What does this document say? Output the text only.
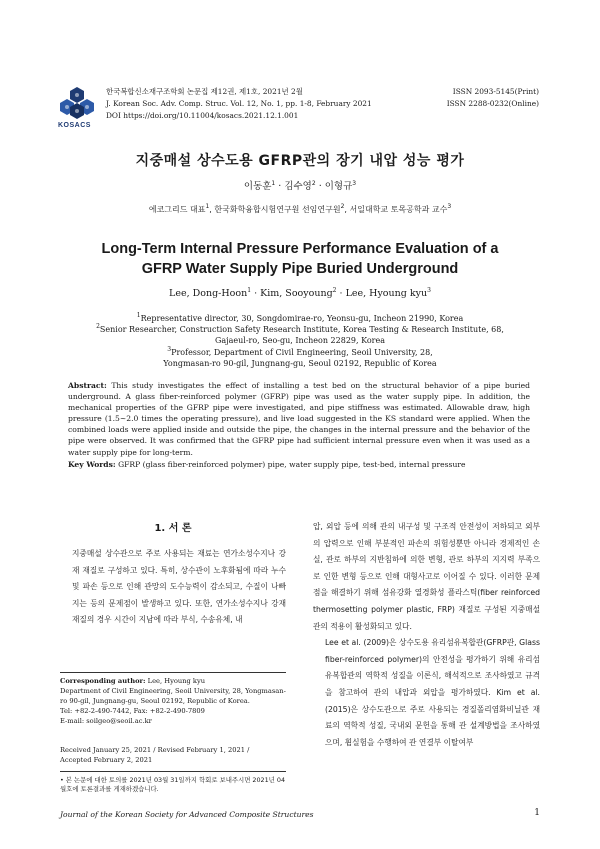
KOSACS
한국복합신소재구조학회 논문집 제12권, 제1호, 2021년 2월
J. Korean Soc. Adv. Comp. Struc. Vol. 12, No. 1, pp. 1-8, February 2021
DOI https://doi.org/10.11004/kosacs.2021.12.1.001
ISSN 2093-5145(Print)
ISSN 2288-0232(Online)
지중매설 상수도용 GFRP관의 장기 내압 성능 평가
이동훈$^1$ · 김수영$^2$ · 이형규$^3$
에코그리드 대표$^1$, 한국화학융합시험연구원 선임연구원$^2$, 서일대학교 토목공학과 교수$^3$
Long-Term Internal Pressure Performance Evaluation of a
GFRP Water Supply Pipe Buried Underground
Lee, Dong-Hoon$^1$ · Kim, Sooyoung$^2$ · Lee, Hyoung kyu$^3$
$^1$Representative director, 30, Songdomirae-ro, Yeonsu-gu, Incheon 21990, Korea
$^2$Senior Researcher, Construction Safety Research Institute, Korea Testing & Research Institute, 68,
Gajaeul-ro, Seo-gu, Incheon 22829, Korea
$^3$Professor, Department of Civil Engineering, Seoil University, 28,
Yongmasan-ro 90-gil, Jungnang-gu, Seoul 02192, Republic of Korea
Abstract: This study investigates the effect of installing a test bed on the structural behavior of a pipe buried underground. A glass fiber-reinforced polymer (GFRP) pipe was used as the water supply pipe. In addition, the mechanical properties of the GFRP pipe were investigated, and pipe stiffness was estimated. Allowable draw, high pressure (1.5~2.0 times the operating pressure), and live load suggested in the KS standard were applied. When the combined loads were applied inside and outside the pipe, the changes in the internal pressure and the behavior of the pipe were observed. It was confirmed that the GFRP pipe had sufficient internal pressure even when it was used as a water supply pipe for long-term.
Key Words: GFRP (glass fiber-reinforced polymer) pipe, water supply pipe, test-bed, internal pressure
1. 서 론

지중매설 상수관으로 주로 사용되는 재료는 연가소성수지나 강재 재질로 구성하고 있다. 특히, 상수관이 노후화됨에 따라 누수 및 파손 등으로 인해 관망의 도수능력이 감소되고, 수질이 나빠지는 등의 문제점이 발생하고 있다. 또한, 연가소성수지나 강재 재질의 경우 시간이 지남에 따라 부식, 수송유체, 내

압, 외압 등에 의해 관의 내구성 및 구조적 안전성이 저하되고 외부의 압력으로 인해 부분적인 파손의 위험성뿐만 아니라 경제적인 손실, 관로 하부의 지반침하에 의한 변형, 관로 하부의 지지력 부족으로 인한 변형 등으로 인해 대형사고로 이어질 수 있다. 이러한 문제점을 해결하기 위해 섬유강화 열경화성 플라스틱(fiber reinforced thermosetting polymer plastic, FRP) 재질로 구성된 지중매설관의 적용이 활성화되고 있다.

Lee et al. (2009)은 상수도용 유리섬유복합관(GFRP관, Glass fiber-reinforced polymer)의 안전성을 평가하기 위해 유리섬유복합관의 역학적 성질을 이론식, 해석적으로 조사하였고 규격을 참고하여 관의 내압과 외압을 평가하였다. Kim et al. (2015)은 상수도관으로 주로 사용되는 경질폴리염화비닐관 재료의 역학적 성질, 국내외 문헌을 통해 관 설계방법을 조사하였으며, 휨실험을 수행하여 관 연결부 이탈여부

Corresponding author: Lee, Hyoung kyu
Department of Civil Engineering, Seoil University, 28, Yongmasan-ro 90-gil, Jungnang-gu, Seoul 02192, Republic of Korea.
Tel: +82-2-490-7442, Fax: +82-2-490-7809
E-mail: soilgeo@seoil.ac.kr
Received January 25, 2021 / Revised February 1, 2021 /
Accepted February 2, 2021
• 본 논문에 대한 토의를 2021년 03월 31일까지 학회로 보내주시면 2021년 04월호에 토론결과를 게재하겠습니다.
Journal of the Korean Society for Advanced Composite Structures	1
